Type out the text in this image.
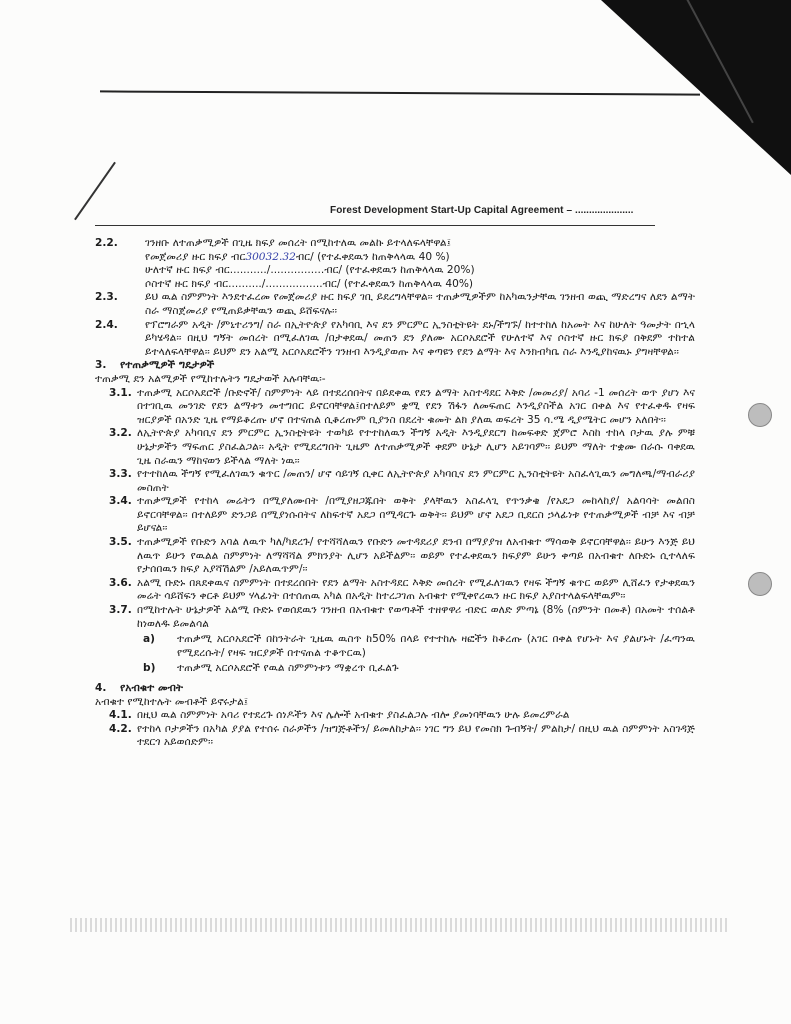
Forest Development Start-Up Capital Agreement – .....................
2.2.	ገንዘቡ ለተጠቃሚዎች በጊዜ ክፍያ መሰረት በሚከተለዉ መልኩ ይተላለፍላቸዋል፤
የመጀመሪያ ዙር ክፍያ ብር30032.32ብር/ (የተፈቀደዉን ከጠቅላላዉ 40 %)
ሁለተኛ ዙር ክፍያ ብር.........../................ብር/ (የተፈቀደዉን ከጠቅላላዉ 20%)
ሶስተኛ ዙር ክፍያ ብር........../.................ብር/ (የተፈቀደዉን ከጠቅላላዉ 40%)
2.3.	ይህ ዉል ስምምነት እንደተፈረመ የመጀመሪያ ዙር ክፍያ ገቢ ይደረግላቸዋል፡፡ ተጠቃሚዎችም ከአካዉንታቸዉ ገንዘብ ወጪ ማድረግና ለደን ልማት ስራ ማስጀመሪያ የሚጠይቃቸዉን ወጪ ይሸፍናሉ፡፡
2.4.	የፕሮግራም አዲት /ምኒተሪንግ/ ስራ በኢትዮጵያ የአካባቢ እና ደን ምርምር ኢንስቲትዩት ደኑ/ችግኙ/ ከተተከለ ከአመት እና ከሁለት ዓመታት በኂላ ይካሄዳል፡፡ በዚህ ግኝት መሰረት በሚፈለገዉ /በታቀደዉ/ መጠን ደን ያለሙ አርሶአደሮች የሁለተኛ እና ሶስተኛ ዙር ክፍያ በቅደም ተከተል ይተላለፍላቸዋል፡፡ ይህም ደን አልሚ አርሶአደሮችን ገንዘብ እንዲያወጡ እና ቀጣዩን የደን ልማት እና እንክብካቤ ስራ እንዲያከናዉኑ ያግዛቸዋል፡፡
3. የተጠቃሚዎች ግዴታዎች
ተጠቃሚ ደን አልሚዎች የሚከተሉትን ግዴታወች አሉባቸዉ፡-
3.1. ተጠቃሚ አርሶአደሮች /ቡድኖች/ ስምምነት ላይ በተደረሰበትና በይደቀዉ የደን ልማት አስተዳደር እቅድ /መመሪያ/ አባሪ -1 መሰረት ወጥ ያሆነ እና በተገቢዉ መንገድ የደን ልማቱን መተግበር ይኖርባቸዋል፤በተለይም ቋሚ የደን ሽፋን ለመፍጠር እንዲያስችል አገር በቀል እና የተፈቀዱ የዛፍ ዝርያዎች በአንድ ጊዜ የማይቆረጡ ሆኖ በተናጠል ሲቆረጡም ቢያንስ በደረት ቁመት ልክ ያለዉ ወፍረት 35 ሳ.ሜ ዲያሜትር መሆን አለበት፡፡
3.2. ለኢትዮጵያ አካባቢና ደን ምርምር ኢንስቲትዩት ተወካይ የተተከለዉን ችግኝ አዲት እንዲያደርግ ከመፍቀድ ጀምሮ እስከ ተከላ ቦታዉ ያሉ ምቹ ሁኔታዎችን ማፍጠር ያስፈልጋል፡፡ አዲት የሚደረግበት ጊዜም ለተጠቃሚዎች ቀደም ሁኔታ ሊሆን አይገባም፡፡ ይህም ማለት ተቋሙ በራሱ ባቀደዉ ጊዜ ስራዉን ማከናወን ይችላል ማለት ነዉ፡፡
3.3. የተተከለዉ ችግኝ የሚፈለገዉን ቁጥር /መጠን/ ሆኖ ሳይገኝ ሲቀር ለኢትዮጵያ አካባቢና ደን ምርምር ኢንስቲትዩት አስፈላጊዉን መግለጫ/ማብራሪያ መስጠት
3.4. ተጠቃሚዎች የተከላ መሬትን በሚያለሙበት /በሚያዘጋጁበት ወቅት ያላቸዉን አስፈላጊ የጥንቃቄ /የአደጋ መከላከያ/ አልባሳት መልበስ ይኖርባቸዋል፡፡ በተለይም ድንጋይ በሚያነሱበትና ለከፍተኛ አደጋ በሚዳርጉ ወቅት፡፡ ይህም ሆኖ አደጋ ቢደርስ ኃላፊነቱ የተጠቃሚዎች ብቻ እና ብቻ ይሆናል፡፡
3.5. ተጠቃሚዎች የቡድን አባል ለዉጥ ካለ/ካደረጉ/ የተሻሻለዉን የቡድን መተዳደሪያ ደንብ በማያያዝ ለአብቁተ ማሳወቅ ይኖርባቸዋል፡፡ ይሁን እንጅ ይህ ለዉጥ ይሁን የዉልል ስምምነት ለማሻሻል ምክንያት ሊሆን አይችልም፡፡ ወይም የተፈቀደዉን ክፍያም ይሁን ቀጣይ በአብቁተ ለቡድኑ ሲተላለፍ የታሰበዉን ክፍያ አያሻሽልም /አይለዉጥም/፡፡
3.6. አልሚ ቡድኑ በጸደቀዉና ስምምነት በተደረሰበት የደን ልማት አስተዳደር እቅድ መሰረት የሚፈለገዉን የዛፍ ችግኝ ቁጥር ወይም ሊሸፈን የታቀደዉን መሬት ሳይሸፍን ቀርቶ ይህም ሃላፊነት በተሰጠዉ አካል በአዲት ከተረጋገጠ አብቁተ የሚቀየረዉን ዙር ክፍያ አያስተላልፍላቸዉም፡፡
3.7. በሚከተሉት ሁኔታዎች አልሚ ቡድኑ የወሰደዉን ገንዘብ በአብቁተ የወጣቶች ተዘዋዋሪ ብድር ወለድ ምጣኔ (8% (ስምንት በመቶ) በአመት ተሰልቶ ከነወለዱ ይመልሳል
a)	ተጠቃሚ አርሶአደሮች በከንትራት ጊዜዉ ዉስጥ ከ50% በላይ የተተከሉ ዛፎችን ከቆረጡ (አገር በቀል የሆኑት እና ያልሆኑት /ፈጣንዉ የሚደረሱት/ የዛፍ ዝርያዎች በተናጠል ተቆጥርዉ)
b)	ተጠቃሚ አርሶአደሮች የዉል ስምምነቱን ማቋረጥ ቢፈልጉ
4. የአብቁተ መብት
አብቁተ የሚከተሉት መብቶች ይኖሩታል፤
4.1. በዚህ ዉል ስምምነት አባሪ የተደረጉ ሰነዶችን እና ሌሎች አብቁተ ያስፈልጋሉ ብሎ ያመነባቸዉን ሁሉ ይመረምራል
4.2. የተከላ ቦታዎችን በአካል ያያል የተሰሩ ስራዎችን /ዝግጅቶችን/ ይመለከታል፡፡ ነገር ግን ይህ የመስክ ጉብኝት/ ምልከታ/ በዚህ ዉል ስምምነት አስገዳጅ ተደርጎ አይወሰድም፡፡
